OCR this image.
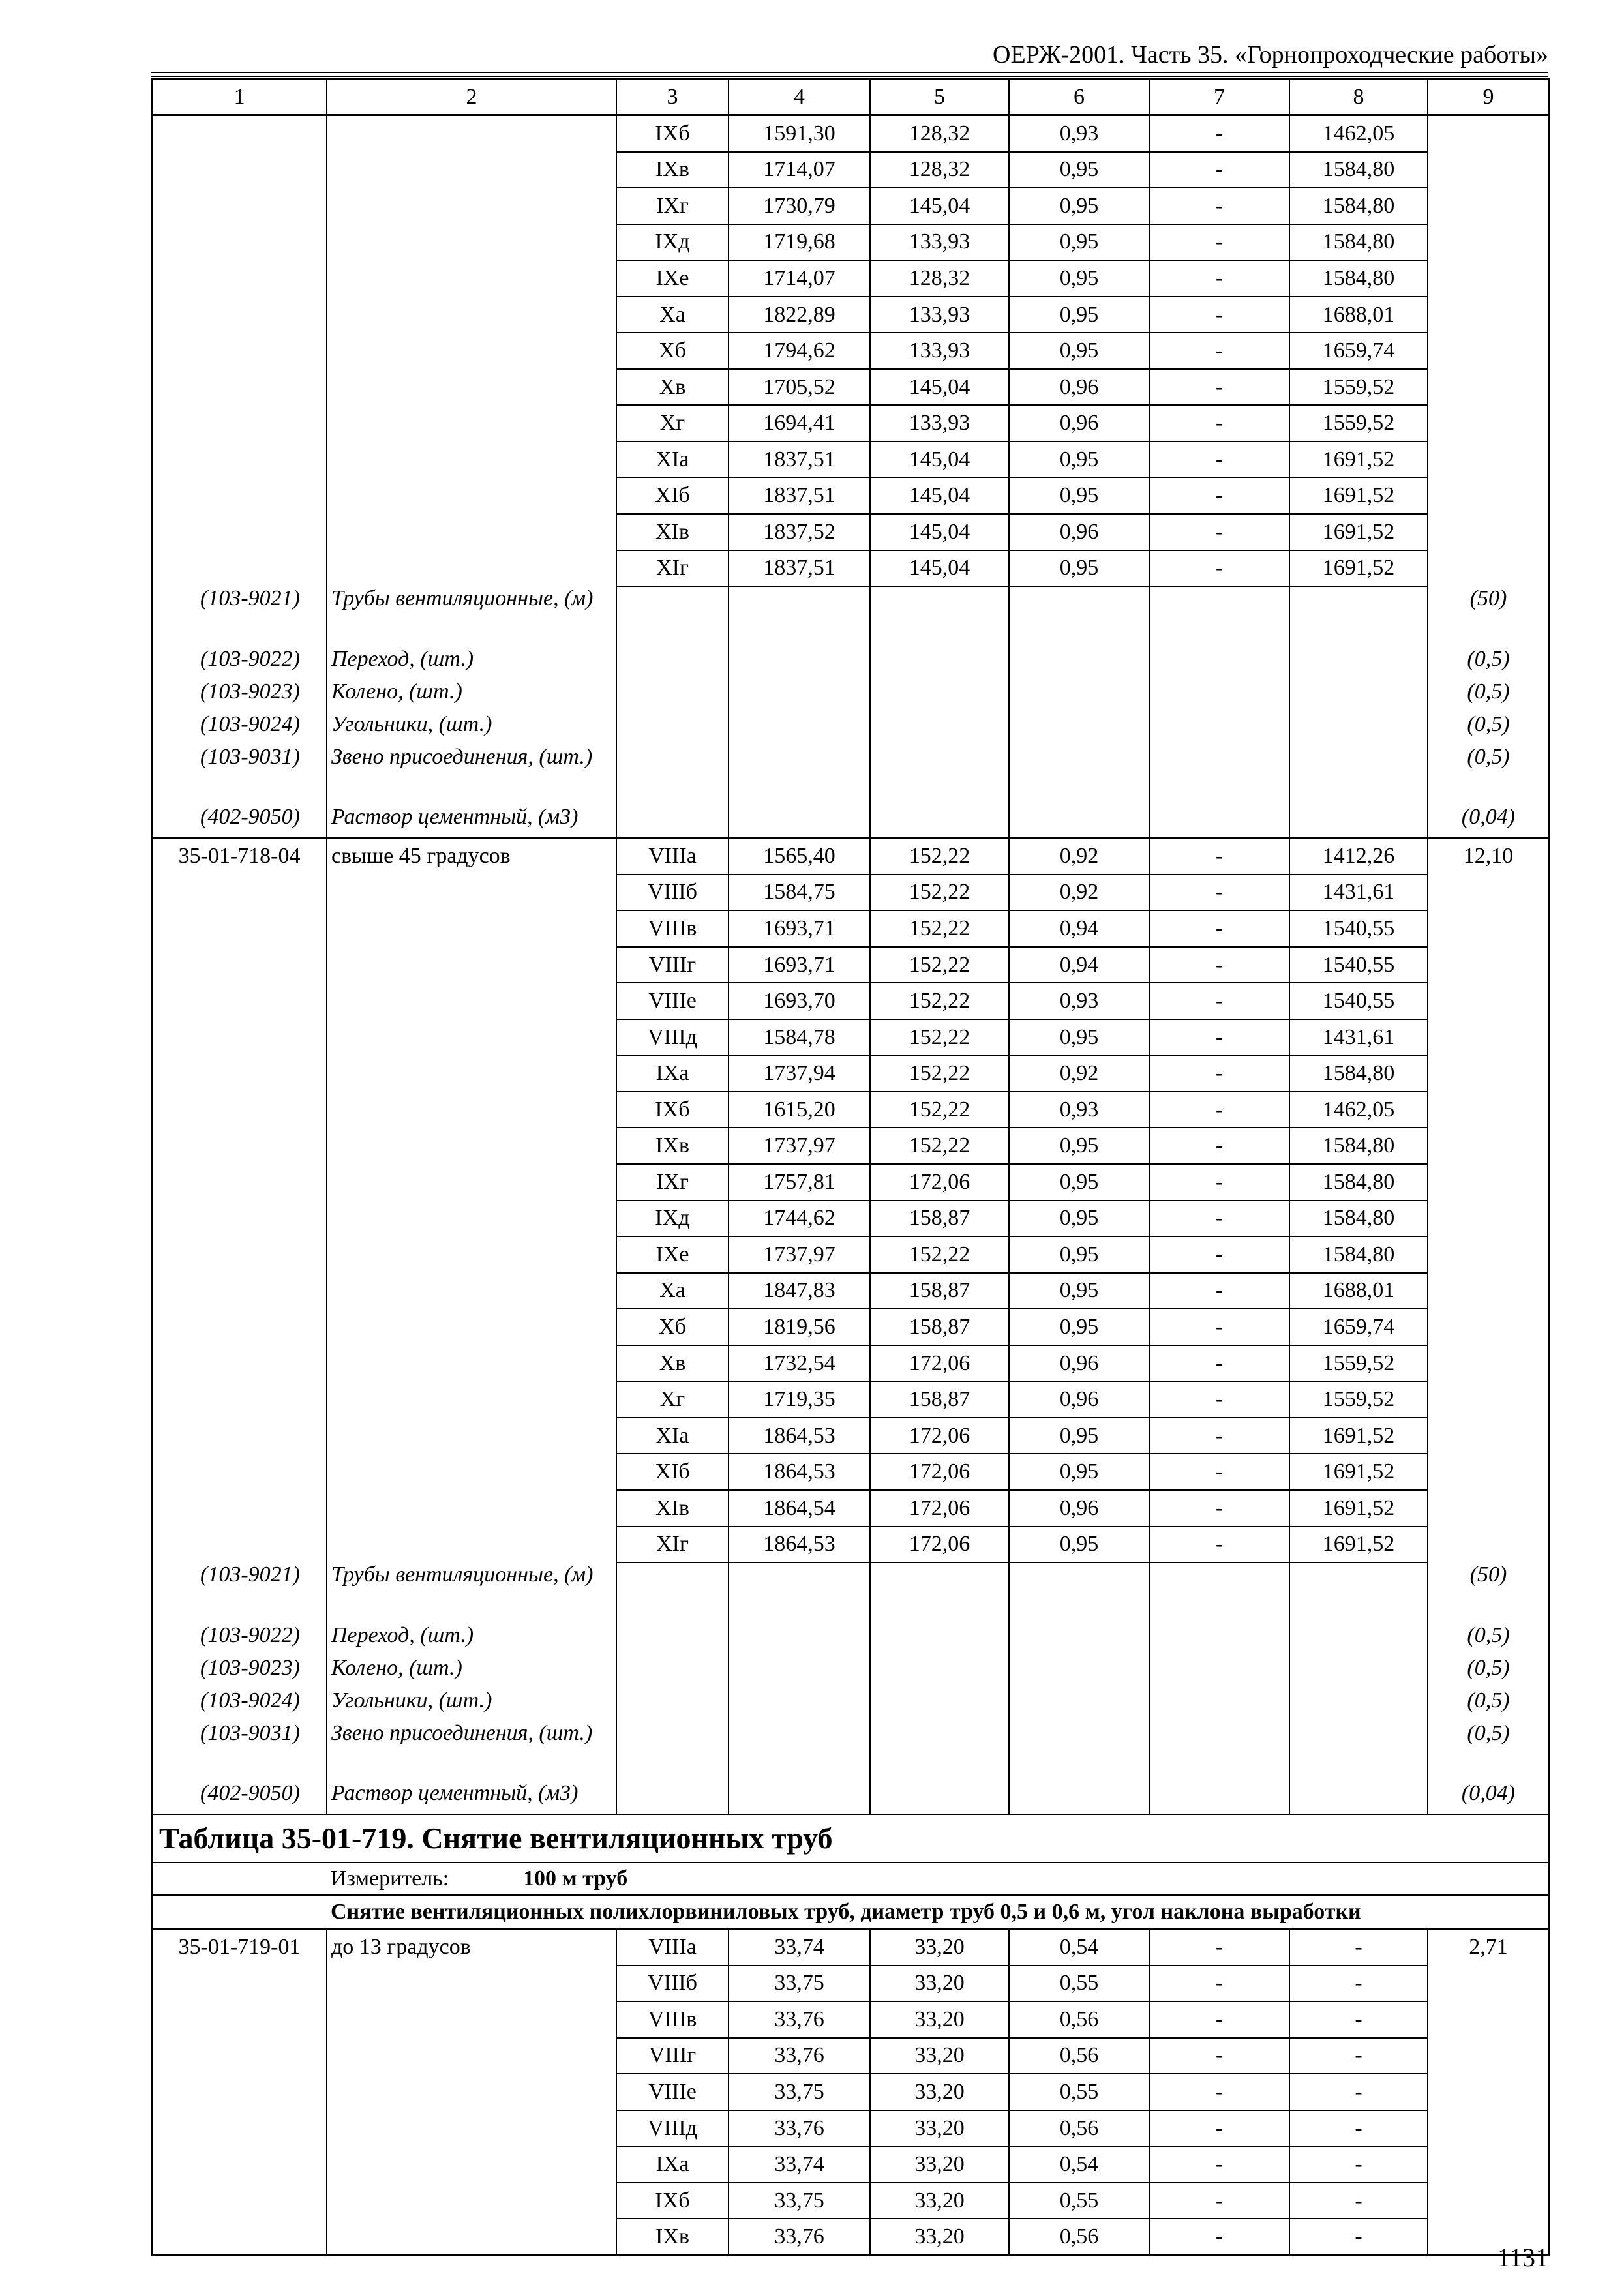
ОЕРЖ-2001. Часть 35. «Горнопроходческие работы»
1	2	3	4	5	6	7	8	9	
		IXб	1591,30	128,32	0,93	-	1462,05		
		IXв	1714,07	128,32	0,95	-	1584,80		
		IXг	1730,79	145,04	0,95	-	1584,80		
		IXд	1719,68	133,93	0,95	-	1584,80		
		IXе	1714,07	128,32	0,95	-	1584,80		
		Xа	1822,89	133,93	0,95	-	1688,01		
		Xб	1794,62	133,93	0,95	-	1659,74		
		Xв	1705,52	145,04	0,96	-	1559,52		
		Xг	1694,41	133,93	0,96	-	1559,52		
		XIа	1837,51	145,04	0,95	-	1691,52		
		XIб	1837,51	145,04	0,95	-	1691,52		
		XIв	1837,52	145,04	0,96	-	1691,52		
		XIг	1837,51	145,04	0,95	-	1691,52		
(103-9021)	Трубы вентиляционные, (м)							(50)	
(103-9022)	Переход, (шт.)							(0,5)	
(103-9023)	Колено, (шт.)							(0,5)	
(103-9024)	Угольники, (шт.)							(0,5)	
(103-9031)	Звено присоединения, (шт.)							(0,5)	
(402-9050)	Раствор цементный, (м3)							(0,04)	
35-01-718-04	свыше 45 градусов	VIIIа	1565,40	152,22	0,92	-	1412,26	12,10	
		VIIIб	1584,75	152,22	0,92	-	1431,61		
		VIIIв	1693,71	152,22	0,94	-	1540,55		
		VIIIг	1693,71	152,22	0,94	-	1540,55		
		VIIIе	1693,70	152,22	0,93	-	1540,55		
		VIIIд	1584,78	152,22	0,95	-	1431,61		
		IXа	1737,94	152,22	0,92	-	1584,80		
		IXб	1615,20	152,22	0,93	-	1462,05		
		IXв	1737,97	152,22	0,95	-	1584,80		
		IXг	1757,81	172,06	0,95	-	1584,80		
		IXд	1744,62	158,87	0,95	-	1584,80		
		IXе	1737,97	152,22	0,95	-	1584,80		
		Xа	1847,83	158,87	0,95	-	1688,01		
		Xб	1819,56	158,87	0,95	-	1659,74		
		Xв	1732,54	172,06	0,96	-	1559,52		
		Xг	1719,35	158,87	0,96	-	1559,52		
		XIа	1864,53	172,06	0,95	-	1691,52		
		XIб	1864,53	172,06	0,95	-	1691,52		
		XIв	1864,54	172,06	0,96	-	1691,52		
		XIг	1864,53	172,06	0,95	-	1691,52		
(103-9021)	Трубы вентиляционные, (м)							(50)	
(103-9022)	Переход, (шт.)							(0,5)	
(103-9023)	Колено, (шт.)							(0,5)	
(103-9024)	Угольники, (шт.)							(0,5)	
(103-9031)	Звено присоединения, (шт.)							(0,5)	
(402-9050)	Раствор цементный, (м3)							(0,04)	
Таблица 35-01-719. Снятие вентиляционных труб									
	Измеритель: 100 м труб								
	Снятие вентиляционных полихлорвиниловых труб, диаметр труб 0,5 и 0,6 м, угол наклона выработки								
35-01-719-01	до 13 градусов	VIIIа	33,74	33,20	0,54	-	-	2,71	
		VIIIб	33,75	33,20	0,55	-	-		
		VIIIв	33,76	33,20	0,56	-	-		
		VIIIг	33,76	33,20	0,56	-	-		
		VIIIе	33,75	33,20	0,55	-	-		
		VIIIд	33,76	33,20	0,56	-	-		
		IXа	33,74	33,20	0,54	-	-		
		IXб	33,75	33,20	0,55	-	-		
		IXв	33,76	33,20	0,56	-	-		
1131
